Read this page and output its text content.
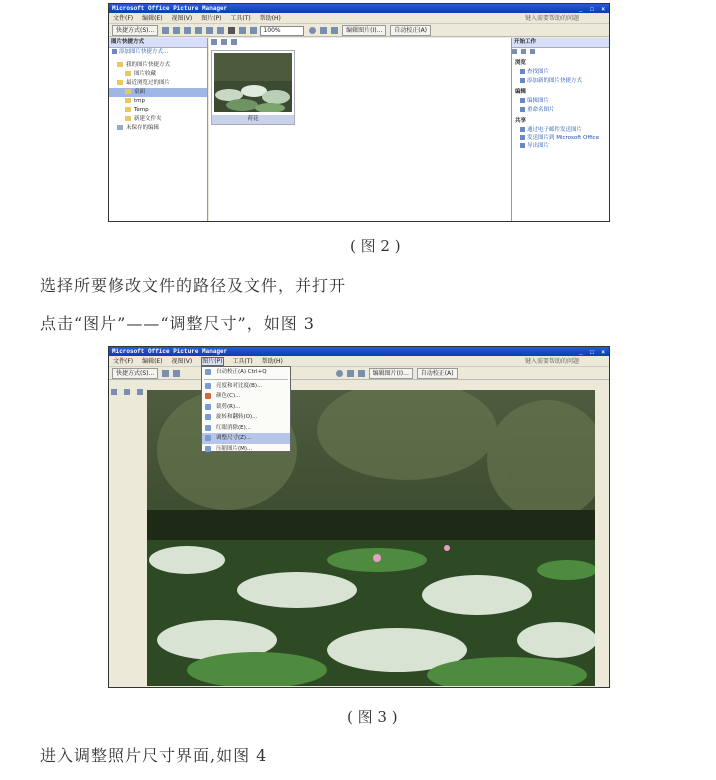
Microsoft Office Picture Manager	_ □ ×
文件(F) 编辑(E) 视图(V) 图片(P) 工具(T) 帮助(H)	键入需要帮助的问题
快捷方式(S)...	100%	编辑图片(I)... 自动校正(A)
图片快捷方式
添加图片快捷方式...
我的图片快捷方式
图片收藏
最近浏览过的图片
桌面
tmp
Temp
新建文件夹
未保存的编辑

荷花
开始工作

浏览
查找图片
添加新的图片快捷方式
编辑
编辑图片
重命名图片
共享
通过电子邮件发送图片
发送图片到 Microsoft Office
导出图片
( 图 2 )
选择所要修改文件的路径及文件，并打开
点击“图片”——“调整尺寸”，如图 3
Microsoft Office Picture Manager	_ □ ×
文件(F) 编辑(E) 视图(V) 图片(P) 工具(T) 帮助(H)	键入需要帮助的问题
快捷方式(S)...	编辑图片(I)... 自动校正(A)

自动校正(A) Ctrl+Q
亮度和对比度(B)...
颜色(C)...
裁剪(R)...
旋转和翻转(O)...
红眼消除(E)...
调整尺寸(Z)...
压缩图片(M)...
( 图 3 )
进入调整照片尺寸界面,如图 4
